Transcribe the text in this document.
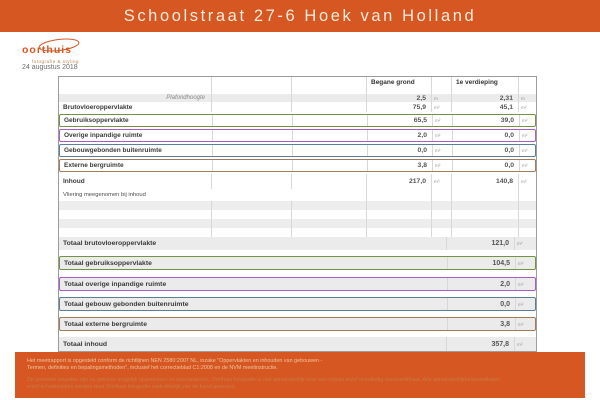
Schoolstraat 27-6 Hoek van Holland
oorthuis
fotografie & styling
24 augustus 2018
Begane grond	1e verdieping
Plafondhoogte	2,5	m	2,31	m
Brutovloeroppervlakte	75,9	m²	45,1	m²
Gebruiksoppervlakte	65,5	m²	39,0	m²
Overige inpandige ruimte	2,0	m²	0,0	m²
Gebouwgebonden buitenruimte	0,0	m²	0,0	m²
Externe bergruimte	3,8	m²	0,0	m²
Inhoud	217,0	m³	140,8	m³
Vliering meegenomen bij inhoud
Totaal brutovloeroppervlakte	121,0	m²
Totaal gebruiksoppervlakte	104,5	m²
Totaal overige inpandige ruimte	2,0	m²
Totaal gebouw gebonden buitenruimte	0,0	m²
Totaal externe bergruimte	3,8	m²
Totaal inhoud	357,8	m³

Het meetrapport is opgesteld conform de richtlijnen NEN 2580:2007 NL, inzake "Oppervlakten en inhouden van gebouwen - Termen, definities en bepalingsmethoden", inclusief het correctieblad C1:2008 en de NVM meetinstructie.

De gemeten waarden zijn zo getrouw mogelijk opgenomen en weergegeven. Oorthuis fotografie is niet aansprakelijk voor een onjuist en/of onvolledig meetcertificaat. Alle aansprakelijkheidsstellingen en/of schadeclaims worden door Oorthuis fotografie nadrukkelijk van de hand gewezen.
